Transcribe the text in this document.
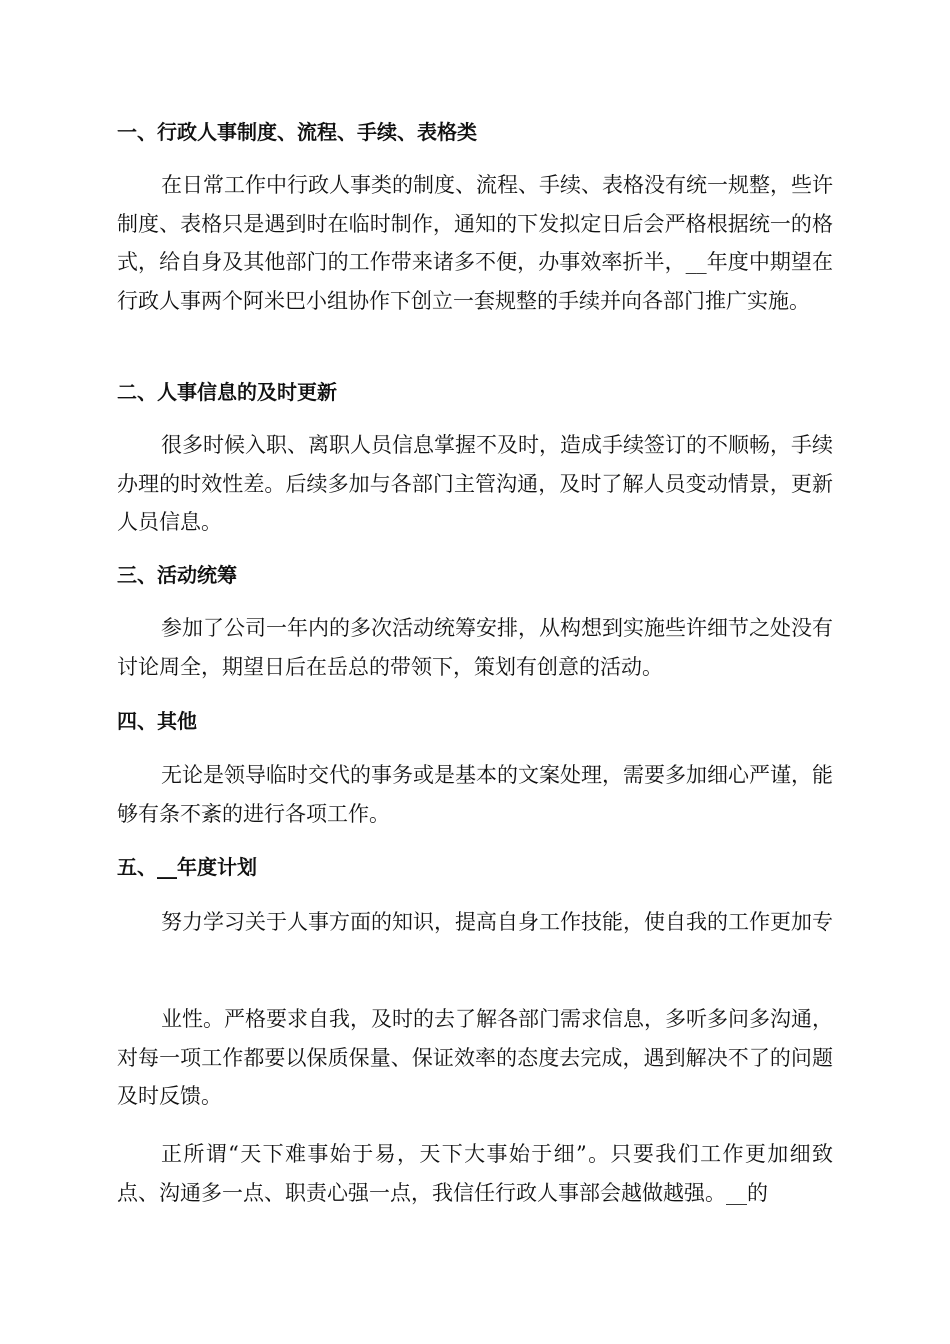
一、行政人事制度、流程、手续、表格类

在日常工作中行政人事类的制度、流程、手续、表格没有统一规整，些许制度、表格只是遇到时在临时制作，通知的下发拟定日后会严格根据统一的格式，给自身及其他部门的工作带来诸多不便，办事效率折半，__年度中期望在行政人事两个阿米巴小组协作下创立一套规整的手续并向各部门推广实施。

二、人事信息的及时更新

很多时候入职、离职人员信息掌握不及时，造成手续签订的不顺畅，手续办理的时效性差。后续多加与各部门主管沟通，及时了解人员变动情景，更新人员信息。

三、活动统筹

参加了公司一年内的多次活动统筹安排，从构想到实施些许细节之处没有讨论周全，期望日后在岳总的带领下，策划有创意的活动。

四、其他

无论是领导临时交代的事务或是基本的文案处理，需要多加细心严谨，能够有条不紊的进行各项工作。

五、__年度计划

努力学习关于人事方面的知识，提高自身工作技能，使自我的工作更加专

业性。严格要求自我，及时的去了解各部门需求信息，多听多问多沟通，对每一项工作都要以保质保量、保证效率的态度去完成，遇到解决不了的问题及时反馈。

正所谓“天下难事始于易，天下大事始于细”。只要我们工作更加细致点、沟通多一点、职责心强一点，我信任行政人事部会越做越强。__的
